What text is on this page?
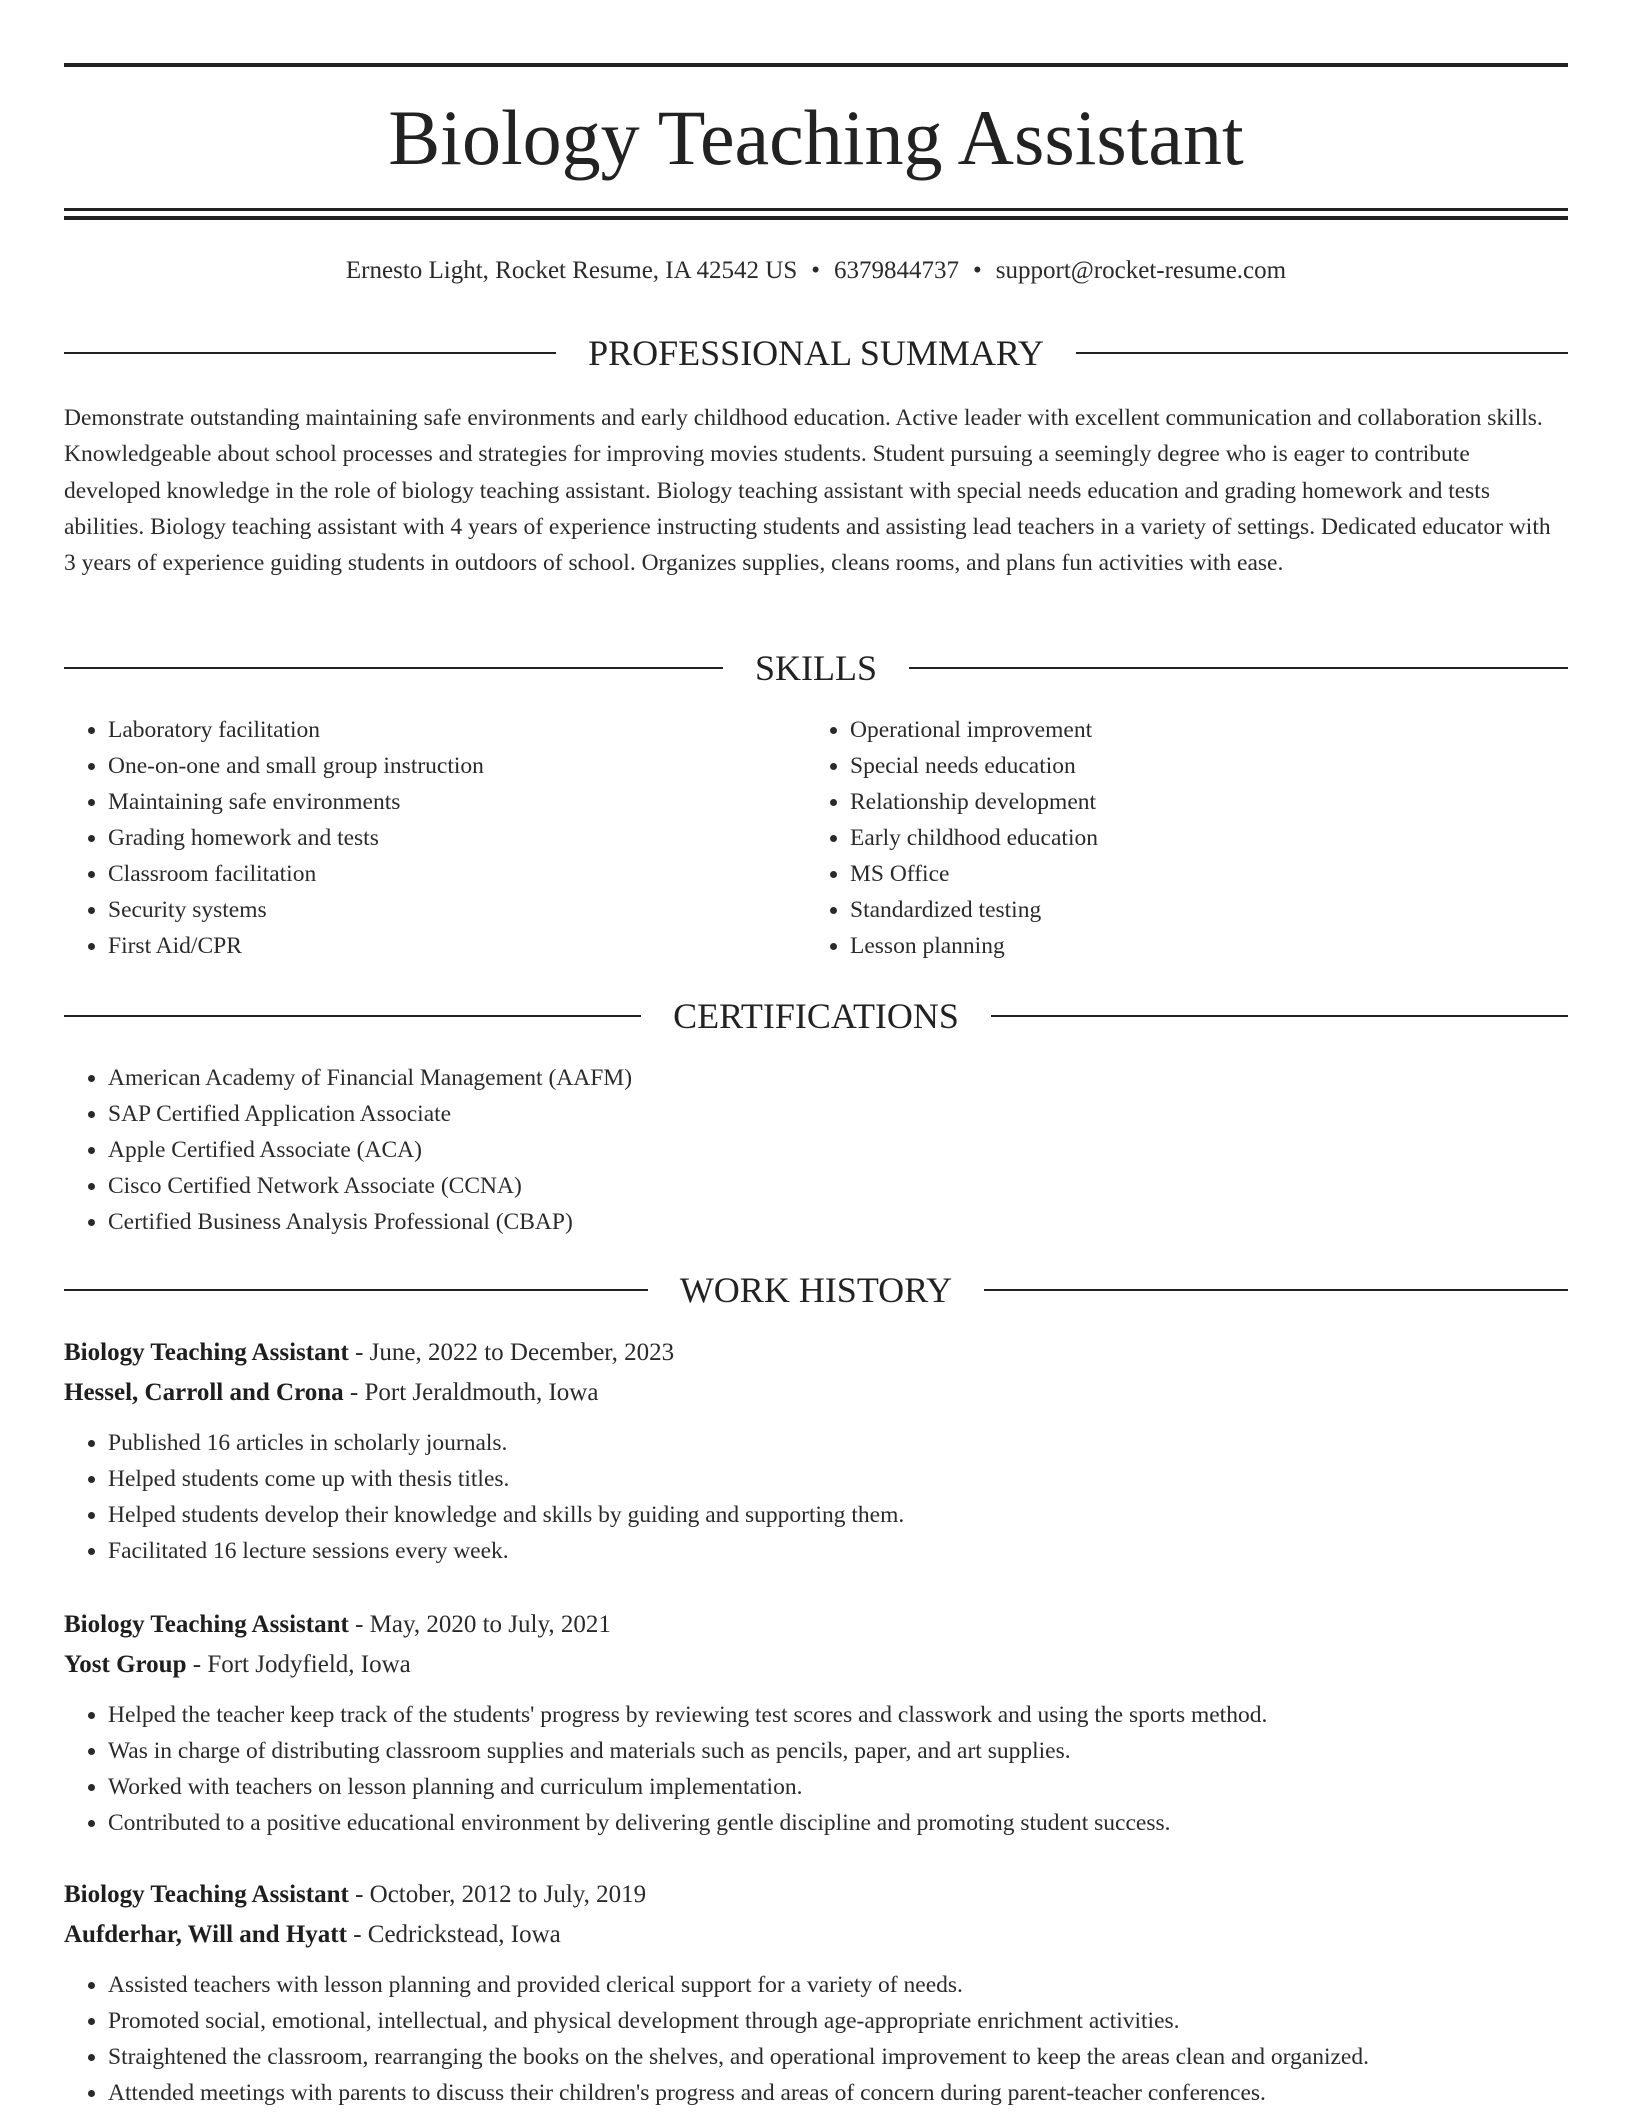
Biology Teaching Assistant
Ernesto Light, Rocket Resume, IA 42542 US • 6379844737 • support@rocket-resume.com
PROFESSIONAL SUMMARY

Demonstrate outstanding maintaining safe environments and early childhood education. Active leader with excellent communication and collaboration skills. Knowledgeable about school processes and strategies for improving movies students. Student pursuing a seemingly degree who is eager to contribute developed knowledge in the role of biology teaching assistant. Biology teaching assistant with special needs education and grading homework and tests abilities. Biology teaching assistant with 4 years of experience instructing students and assisting lead teachers in a variety of settings. Dedicated educator with 3 years of experience guiding students in outdoors of school. Organizes supplies, cleans rooms, and plans fun activities with ease.

SKILLS
• Laboratory facilitation
• One-on-one and small group instruction
• Maintaining safe environments
• Grading homework and tests
• Classroom facilitation
• Security systems
• First Aid/CPR
• Operational improvement
• Special needs education
• Relationship development
• Early childhood education
• MS Office
• Standardized testing
• Lesson planning
CERTIFICATIONS
• American Academy of Financial Management (AAFM)
• SAP Certified Application Associate
• Apple Certified Associate (ACA)
• Cisco Certified Network Associate (CCNA)
• Certified Business Analysis Professional (CBAP)
WORK HISTORY
Biology Teaching Assistant - June, 2022 to December, 2023
Hessel, Carroll and Crona - Port Jeraldmouth, Iowa
• Published 16 articles in scholarly journals.
• Helped students come up with thesis titles.
• Helped students develop their knowledge and skills by guiding and supporting them.
• Facilitated 16 lecture sessions every week.
Biology Teaching Assistant - May, 2020 to July, 2021
Yost Group - Fort Jodyfield, Iowa
• Helped the teacher keep track of the students' progress by reviewing test scores and classwork and using the sports method.
• Was in charge of distributing classroom supplies and materials such as pencils, paper, and art supplies.
• Worked with teachers on lesson planning and curriculum implementation.
• Contributed to a positive educational environment by delivering gentle discipline and promoting student success.
Biology Teaching Assistant - October, 2012 to July, 2019
Aufderhar, Will and Hyatt - Cedrickstead, Iowa
• Assisted teachers with lesson planning and provided clerical support for a variety of needs.
• Promoted social, emotional, intellectual, and physical development through age-appropriate enrichment activities.
• Straightened the classroom, rearranging the books on the shelves, and operational improvement to keep the areas clean and organized.
• Attended meetings with parents to discuss their children's progress and areas of concern during parent-teacher conferences.
